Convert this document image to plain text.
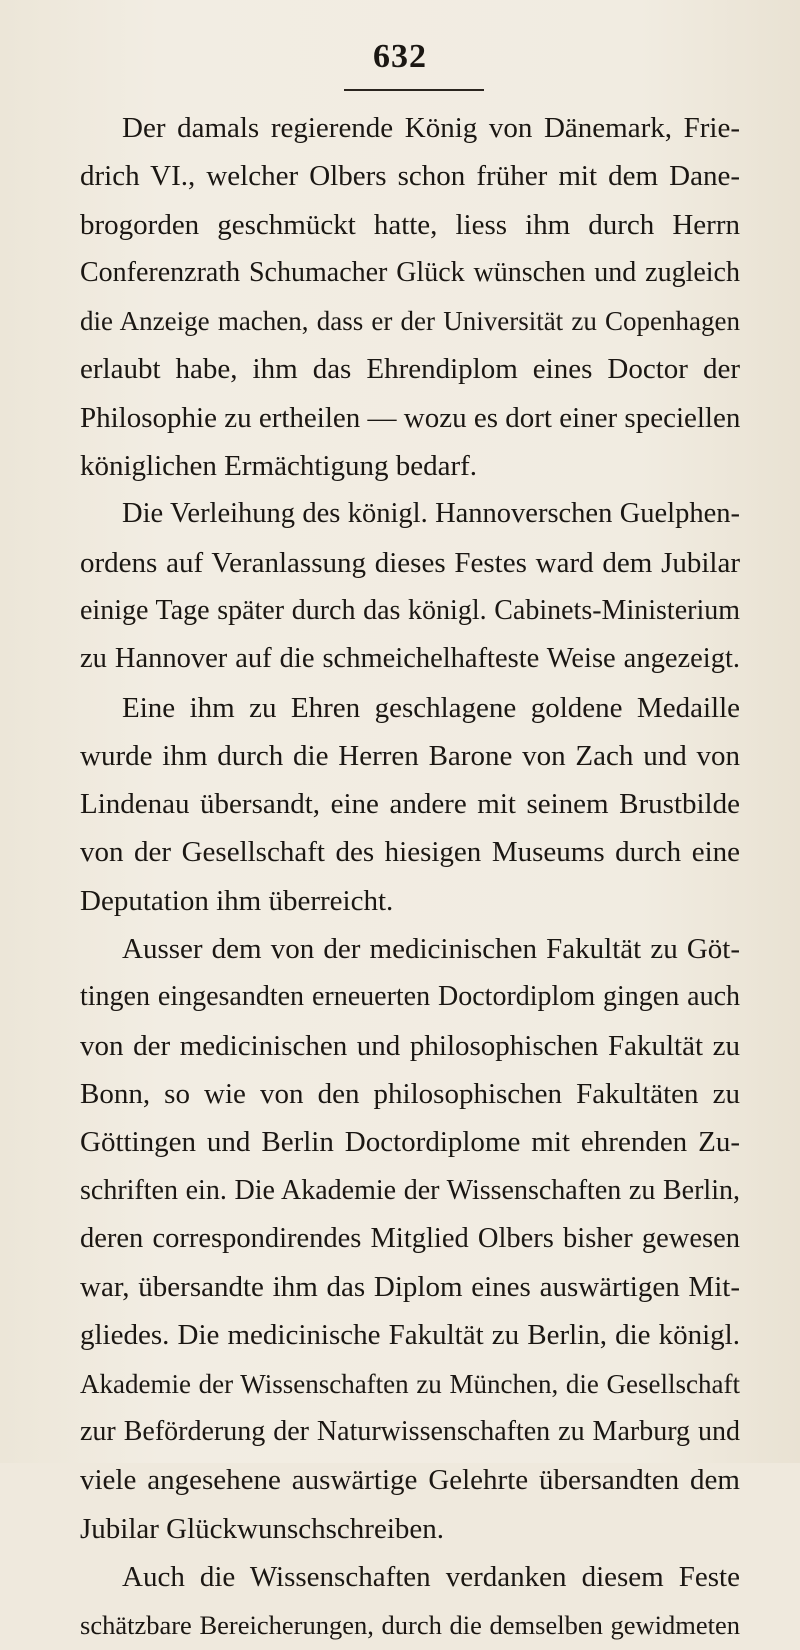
632
Der damals regierende König von Dänemark, Frie-
drich VI., welcher Olbers schon früher mit dem Dane-
brogorden geschmückt hatte, liess ihm durch Herrn
Conferenzrath Schumacher Glück wünschen und zugleich
die Anzeige machen, dass er der Universität zu Copenhagen
erlaubt habe, ihm das Ehrendiplom eines Doctor der
Philosophie zu ertheilen — wozu es dort einer speciellen
königlichen Ermächtigung bedarf.
Die Verleihung des königl. Hannoverschen Guelphen-
ordens auf Veranlassung dieses Festes ward dem Jubilar
einige Tage später durch das königl. Cabinets-Ministerium
zu Hannover auf die schmeichelhafteste Weise angezeigt.
Eine ihm zu Ehren geschlagene goldene Medaille
wurde ihm durch die Herren Barone von Zach und von
Lindenau übersandt, eine andere mit seinem Brustbilde
von der Gesellschaft des hiesigen Museums durch eine
Deputation ihm überreicht.
Ausser dem von der medicinischen Fakultät zu Göt-
tingen eingesandten erneuerten Doctordiplom gingen auch
von der medicinischen und philosophischen Fakultät zu
Bonn, so wie von den philosophischen Fakultäten zu
Göttingen und Berlin Doctordiplome mit ehrenden Zu-
schriften ein. Die Akademie der Wissenschaften zu Berlin,
deren correspondirendes Mitglied Olbers bisher gewesen
war, übersandte ihm das Diplom eines auswärtigen Mit-
gliedes. Die medicinische Fakultät zu Berlin, die königl.
Akademie der Wissenschaften zu München, die Gesellschaft
zur Beförderung der Naturwissenschaften zu Marburg und
viele angesehene auswärtige Gelehrte übersandten dem
Jubilar Glückwunschschreiben.
Auch die Wissenschaften verdanken diesem Feste
schätzbare Bereicherungen, durch die demselben gewidmeten
